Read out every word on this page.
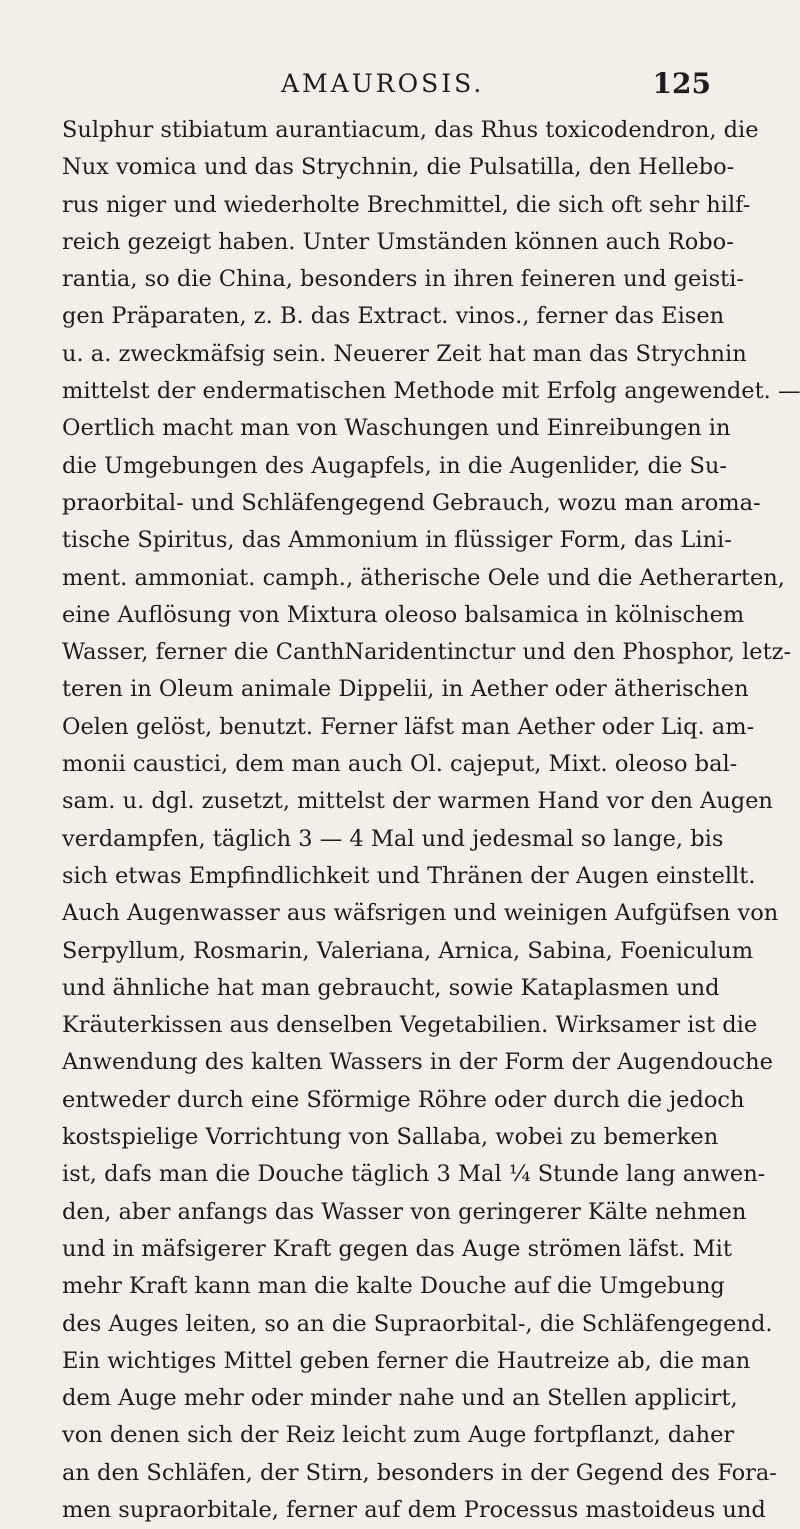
AMAUROSIS.	125
Sulphur stibiatum aurantiacum, das Rhus toxicodendron, die
Nux vomica und das Strychnin, die Pulsatilla, den Hellebo-
rus niger und wiederholte Brechmittel, die sich oft sehr hilf-
reich gezeigt haben. Unter Umständen können auch Robo-
rantia, so die China, besonders in ihren feineren und geisti-
gen Präparaten, z. B. das Extract. vinos., ferner das Eisen
u. a. zweckmäfsig sein. Neuerer Zeit hat man das Strychnin
mittelst der endermatischen Methode mit Erfolg angewendet. —
Oertlich macht man von Waschungen und Einreibungen in
die Umgebungen des Augapfels, in die Augenlider, die Su-
praorbital- und Schläfengegend Gebrauch, wozu man aroma-
tische Spiritus, das Ammonium in flüssiger Form, das Lini-
ment. ammoniat. camph., ätherische Oele und die Aetherarten,
eine Auflösung von Mixtura oleoso balsamica in kölnischem
Wasser, ferner die CanthNaridentinctur und den Phosphor, letz-
teren in Oleum animale Dippelii, in Aether oder ätherischen
Oelen gelöst, benutzt. Ferner läfst man Aether oder Liq. am-
monii caustici, dem man auch Ol. cajeput, Mixt. oleoso bal-
sam. u. dgl. zusetzt, mittelst der warmen Hand vor den Augen
verdampfen, täglich 3 — 4 Mal und jedesmal so lange, bis
sich etwas Empfindlichkeit und Thränen der Augen einstellt.
Auch Augenwasser aus wäfsrigen und weinigen Aufgüfsen von
Serpyllum, Rosmarin, Valeriana, Arnica, Sabina, Foeniculum
und ähnliche hat man gebraucht, sowie Kataplasmen und
Kräuterkissen aus denselben Vegetabilien. Wirksamer ist die
Anwendung des kalten Wassers in der Form der Augendouche
entweder durch eine Sförmige Röhre oder durch die jedoch
kostspielige Vorrichtung von Sallaba, wobei zu bemerken
ist, dafs man die Douche täglich 3 Mal ¼ Stunde lang anwen-
den, aber anfangs das Wasser von geringerer Kälte nehmen
und in mäfsigerer Kraft gegen das Auge strömen läfst. Mit
mehr Kraft kann man die kalte Douche auf die Umgebung
des Auges leiten, so an die Supraorbital-, die Schläfengegend.
Ein wichtiges Mittel geben ferner die Hautreize ab, die man
dem Auge mehr oder minder nahe und an Stellen applicirt,
von denen sich der Reiz leicht zum Auge fortpflanzt, daher
an den Schläfen, der Stirn, besonders in der Gegend des Fora-
men supraorbitale, ferner auf dem Processus mastoideus und
